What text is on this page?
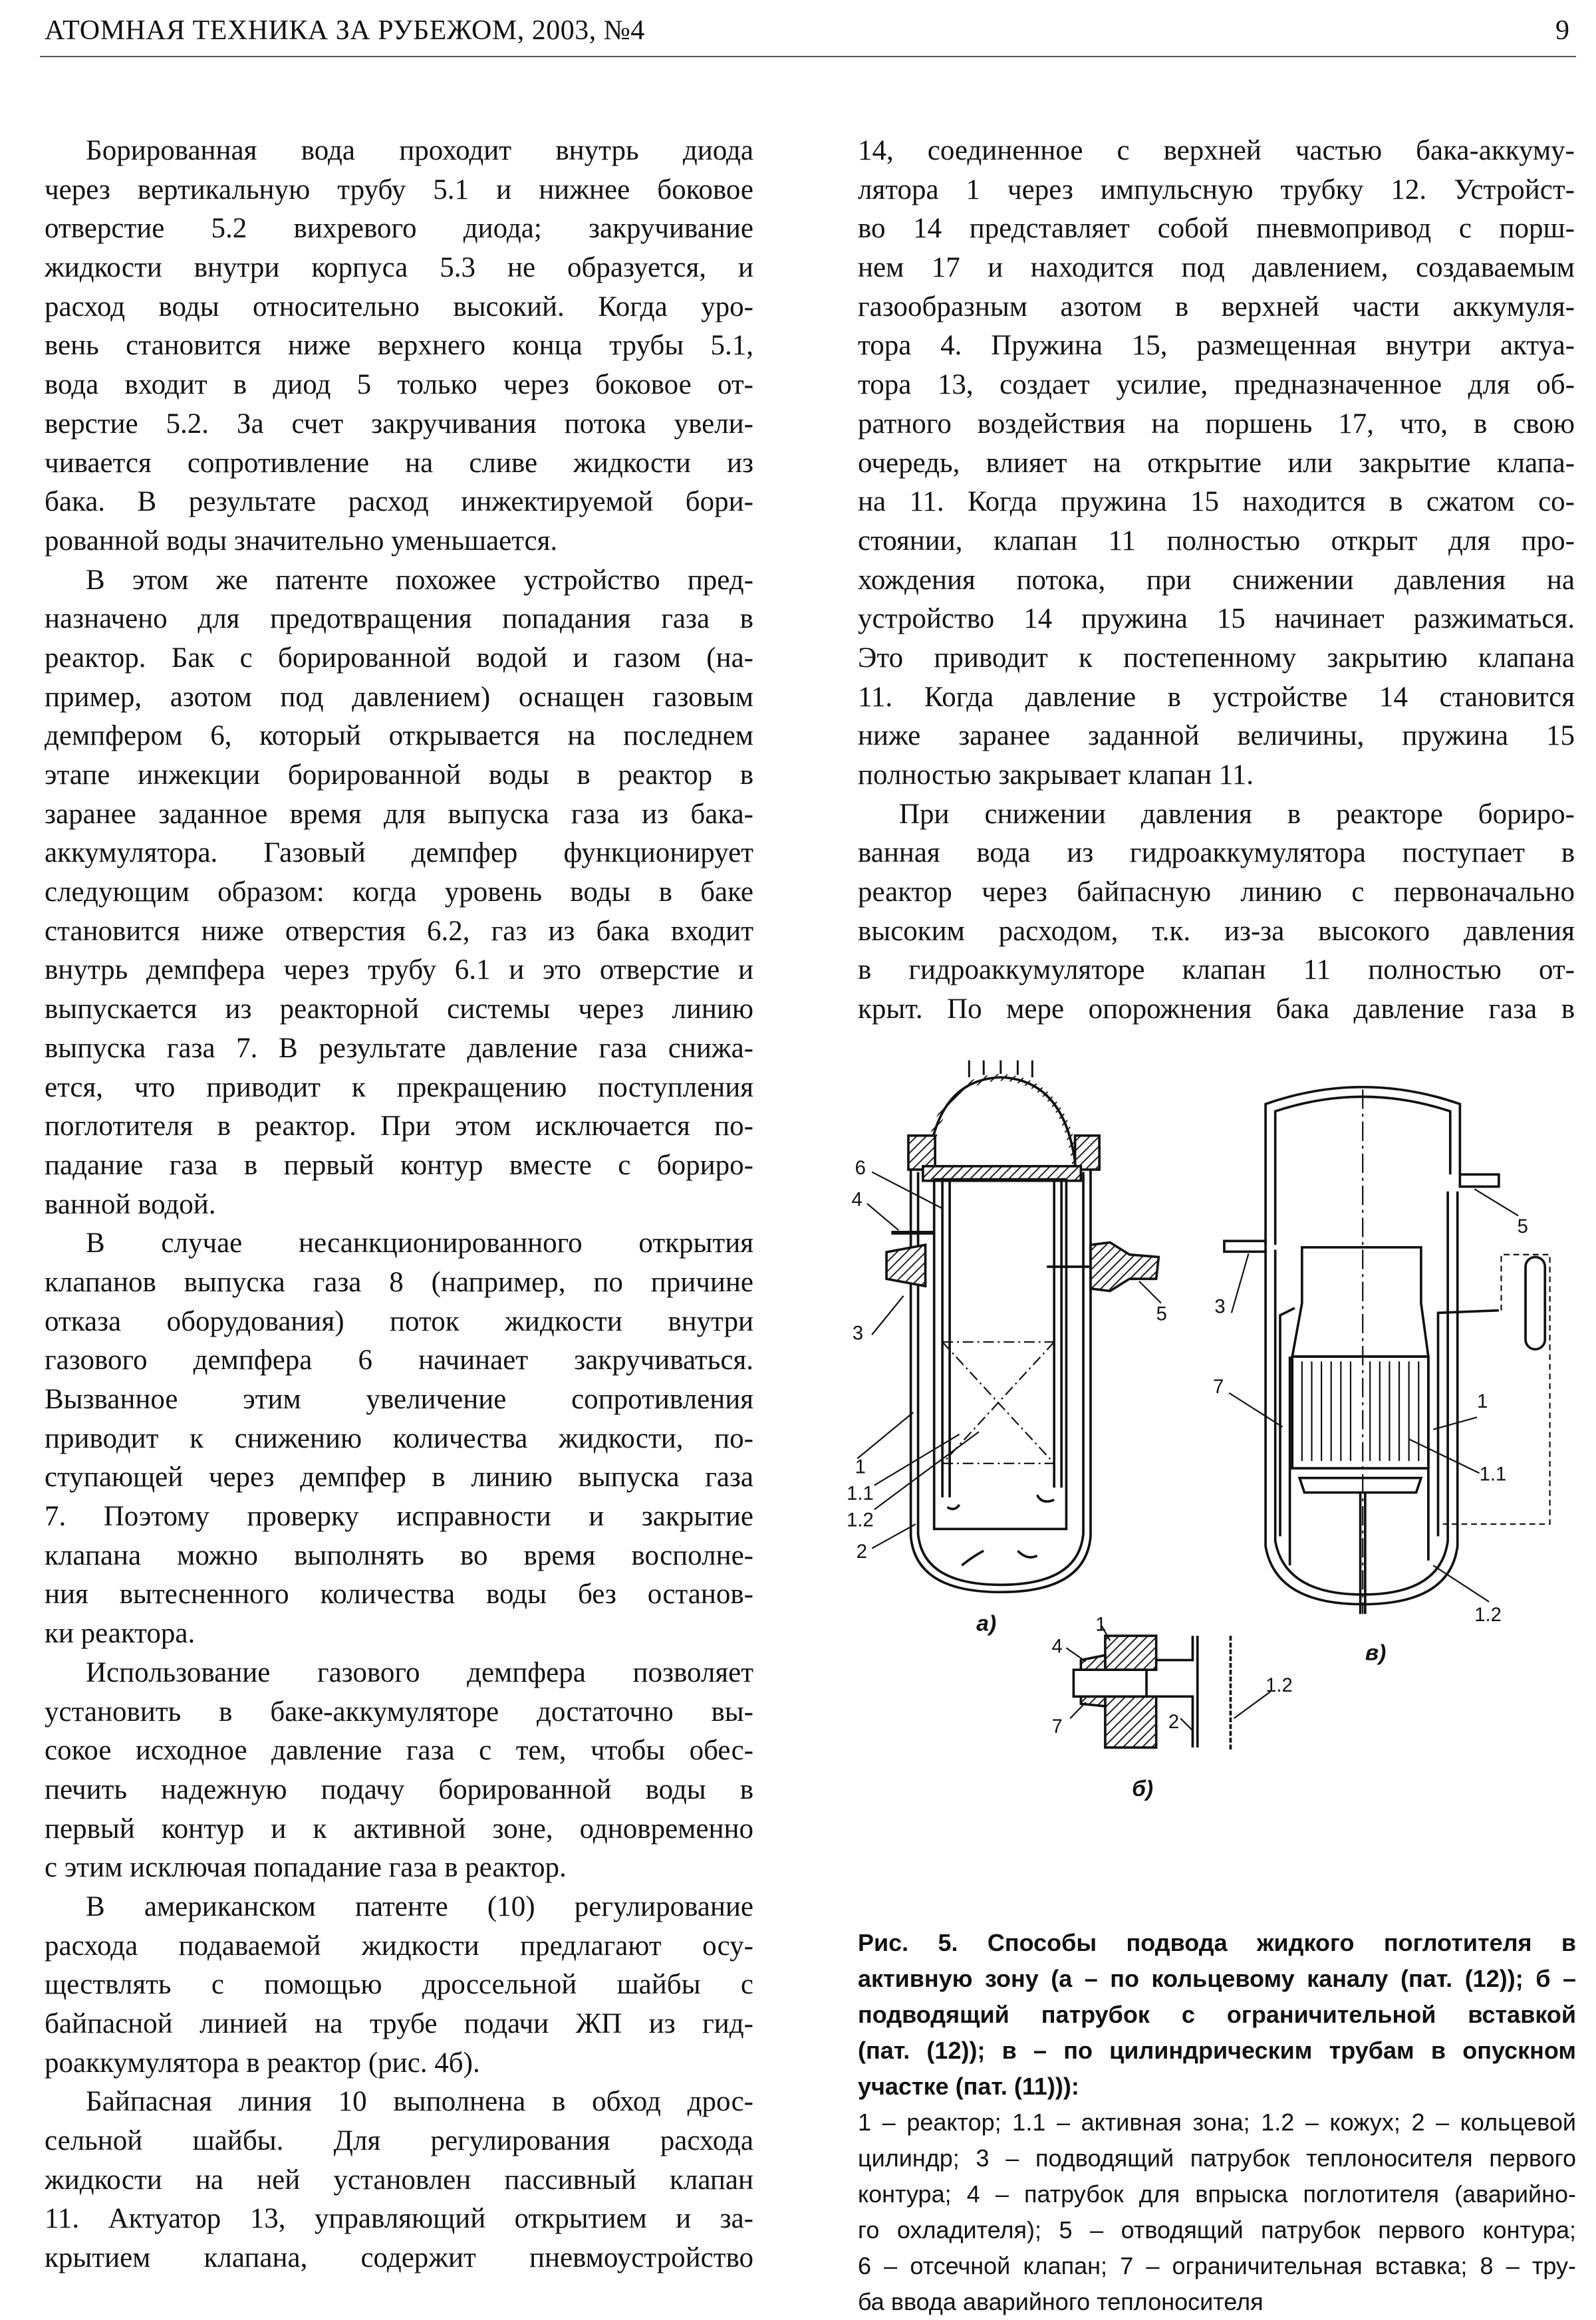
АТОМНАЯ ТЕХНИКА ЗА РУБЕЖОМ, 2003, №4	9
Борированная вода проходит внутрь диода
через вертикальную трубу 5.1 и нижнее боковое
отверстие 5.2 вихревого диода; закручивание
жидкости внутри корпуса 5.3 не образуется, и
расход воды относительно высокий. Когда уро-
вень становится ниже верхнего конца трубы 5.1,
вода входит в диод 5 только через боковое от-
верстие 5.2. За счет закручивания потока увели-
чивается сопротивление на сливе жидкости из
бака. В результате расход инжектируемой бори-
рованной воды значительно уменьшается.
В этом же патенте похожее устройство пред-
назначено для предотвращения попадания газа в
реактор. Бак с борированной водой и газом (на-
пример, азотом под давлением) оснащен газовым
демпфером 6, который открывается на последнем
этапе инжекции борированной воды в реактор в
заранее заданное время для выпуска газа из бака-
аккумулятора. Газовый демпфер функционирует
следующим образом: когда уровень воды в баке
становится ниже отверстия 6.2, газ из бака входит
внутрь демпфера через трубу 6.1 и это отверстие и
выпускается из реакторной системы через линию
выпуска газа 7. В результате давление газа снижа-
ется, что приводит к прекращению поступления
поглотителя в реактор. При этом исключается по-
падание газа в первый контур вместе с бориро-
ванной водой.
В случае несанкционированного открытия
клапанов выпуска газа 8 (например, по причине
отказа оборудования) поток жидкости внутри
газового демпфера 6 начинает закручиваться.
Вызванное этим увеличение сопротивления
приводит к снижению количества жидкости, по-
ступающей через демпфер в линию выпуска газа
7. Поэтому проверку исправности и закрытие
клапана можно выполнять во время восполне-
ния вытесненного количества воды без останов-
ки реактора.
Использование газового демпфера позволяет
установить в баке-аккумуляторе достаточно вы-
сокое исходное давление газа с тем, чтобы обес-
печить надежную подачу борированной воды в
первый контур и к активной зоне, одновременно
с этим исключая попадание газа в реактор.
В американском патенте (10) регулирование
расхода подаваемой жидкости предлагают осу-
ществлять с помощью дроссельной шайбы с
байпасной линией на трубе подачи ЖП из гид-
роаккумулятора в реактор (рис. 4б).
Байпасная линия 10 выполнена в обход дрос-
сельной шайбы. Для регулирования расхода
жидкости на ней установлен пассивный клапан
11. Актуатор 13, управляющий открытием и за-
крытием клапана, содержит пневмоустройство
14, соединенное с верхней частью бака-аккуму-
лятора 1 через импульсную трубку 12. Устройст-
во 14 представляет собой пневмопривод с порш-
нем 17 и находится под давлением, создаваемым
газообразным азотом в верхней части аккумуля-
тора 4. Пружина 15, размещенная внутри актуа-
тора 13, создает усилие, предназначенное для об-
ратного воздействия на поршень 17, что, в свою
очередь, влияет на открытие или закрытие клапа-
на 11. Когда пружина 15 находится в сжатом со-
стоянии, клапан 11 полностью открыт для про-
хождения потока, при снижении давления на
устройство 14 пружина 15 начинает разжиматься.
Это приводит к постепенному закрытию клапана
11. Когда давление в устройстве 14 становится
ниже заранее заданной величины, пружина 15
полностью закрывает клапан 11.
При снижении давления в реакторе бориро-
ванная вода из гидроаккумулятора поступает в
реактор через байпасную линию с первоначально
высоким расходом, т.к. из-за высокого давления
в гидроаккумуляторе клапан 11 полностью от-
крыт. По мере опорожнения бака давление газа в
6
4
3
5
1
1.1
1.2
2
а)
5
3
7
1
1.1
1.2
в)
1
4
7	2
1.2
б)
Рис. 5. Способы подвода жидкого поглотителя в
активную зону (а – по кольцевому каналу (пат. (12)); б –
подводящий патрубок с ограничительной вставкой
(пат. (12)); в – по цилиндрическим трубам в опускном
участке (пат. (11))):
1 – реактор; 1.1 – активная зона; 1.2 – кожух; 2 – кольцевой
цилиндр; 3 – подводящий патрубок теплоносителя первого
контура; 4 – патрубок для впрыска поглотителя (аварийно-
го охладителя); 5 – отводящий патрубок первого контура;
6 – отсечной клапан; 7 – ограничительная вставка; 8 – тру-
ба ввода аварийного теплоносителя
